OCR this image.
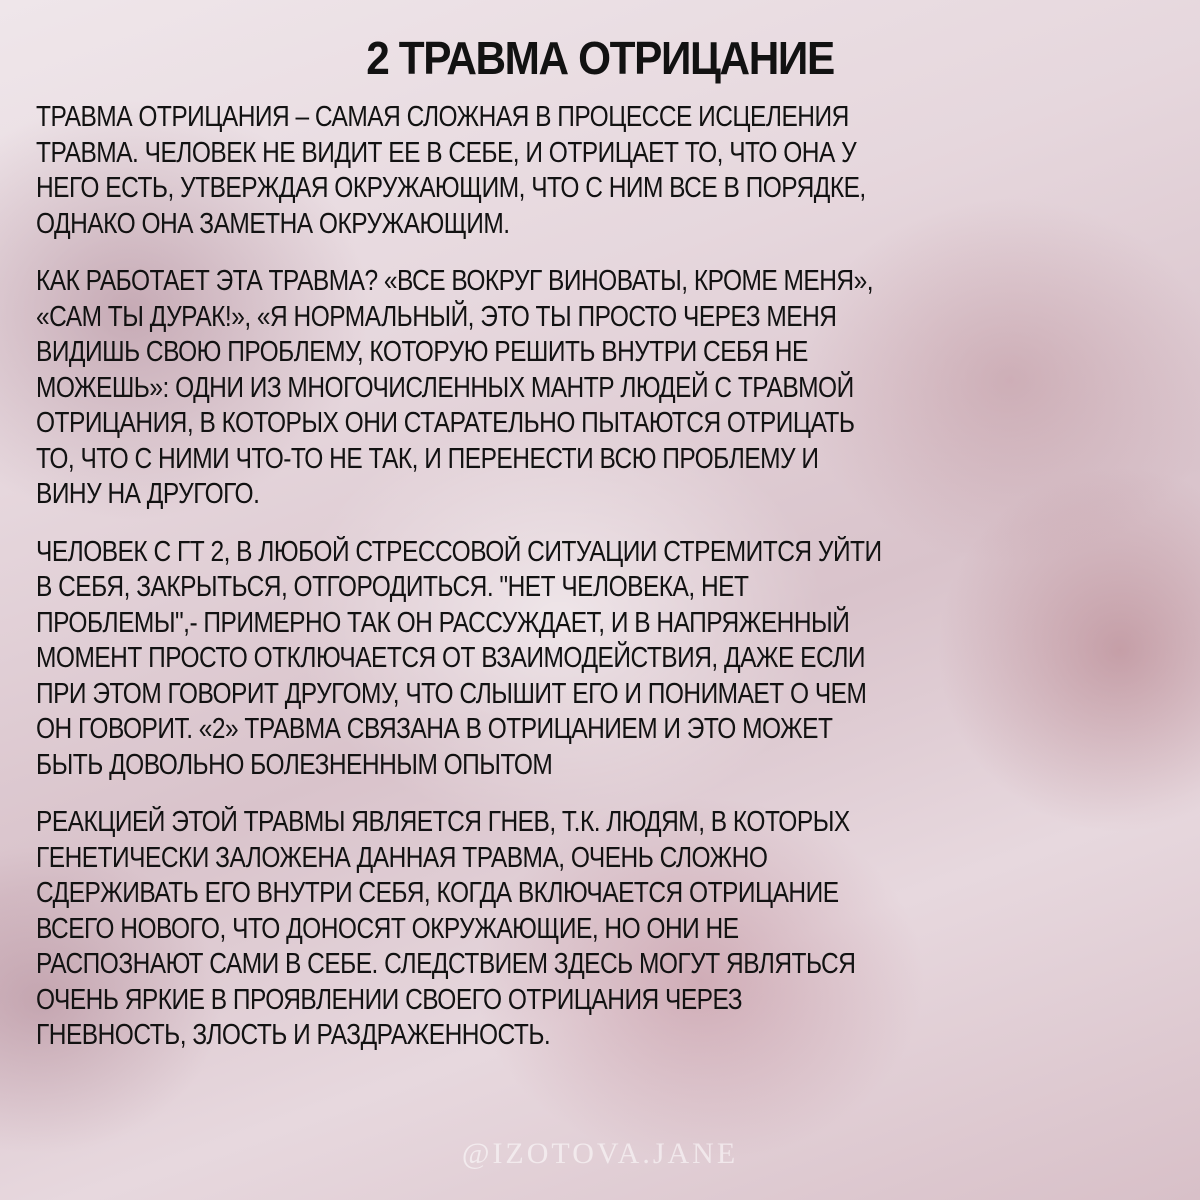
2 ТРАВМА ОТРИЦАНИЕ

ТРАВМА ОТРИЦАНИЯ – САМАЯ СЛОЖНАЯ В ПРОЦЕССЕ ИСЦЕЛЕНИЯ
ТРАВМА. ЧЕЛОВЕК НЕ ВИДИТ ЕЕ В СЕБЕ, И ОТРИЦАЕТ ТО, ЧТО ОНА У
НЕГО ЕСТЬ, УТВЕРЖДАЯ ОКРУЖАЮЩИМ, ЧТО С НИМ ВСЕ В ПОРЯДКЕ,
ОДНАКО ОНА ЗАМЕТНА ОКРУЖАЮЩИМ.

КАК РАБОТАЕТ ЭТА ТРАВМА? «ВСЕ ВОКРУГ ВИНОВАТЫ, КРОМЕ МЕНЯ»,
«САМ ТЫ ДУРАК!», «Я НОРМАЛЬНЫЙ, ЭТО ТЫ ПРОСТО ЧЕРЕЗ МЕНЯ
ВИДИШЬ СВОЮ ПРОБЛЕМУ, КОТОРУЮ РЕШИТЬ ВНУТРИ СЕБЯ НЕ
МОЖЕШЬ»: ОДНИ ИЗ МНОГОЧИСЛЕННЫХ МАНТР ЛЮДЕЙ С ТРАВМОЙ
ОТРИЦАНИЯ, В КОТОРЫХ ОНИ СТАРАТЕЛЬНО ПЫТАЮТСЯ ОТРИЦАТЬ
ТО, ЧТО С НИМИ ЧТО-ТО НЕ ТАК, И ПЕРЕНЕСТИ ВСЮ ПРОБЛЕМУ И
ВИНУ НА ДРУГОГО.

ЧЕЛОВЕК С ГТ 2, В ЛЮБОЙ СТРЕССОВОЙ СИТУАЦИИ СТРЕМИТСЯ УЙТИ
В СЕБЯ, ЗАКРЫТЬСЯ, ОТГОРОДИТЬСЯ. "НЕТ ЧЕЛОВЕКА, НЕТ
ПРОБЛЕМЫ",- ПРИМЕРНО ТАК ОН РАССУЖДАЕТ, И В НАПРЯЖЕННЫЙ
МОМЕНТ ПРОСТО ОТКЛЮЧАЕТСЯ ОТ ВЗАИМОДЕЙСТВИЯ, ДАЖЕ ЕСЛИ
ПРИ ЭТОМ ГОВОРИТ ДРУГОМУ, ЧТО СЛЫШИТ ЕГО И ПОНИМАЕТ О ЧЕМ
ОН ГОВОРИТ. «2» ТРАВМА СВЯЗАНА В ОТРИЦАНИЕМ И ЭТО МОЖЕТ
БЫТЬ ДОВОЛЬНО БОЛЕЗНЕННЫМ ОПЫТОМ

РЕАКЦИЕЙ ЭТОЙ ТРАВМЫ ЯВЛЯЕТСЯ ГНЕВ, Т.К. ЛЮДЯМ, В КОТОРЫХ
ГЕНЕТИЧЕСКИ ЗАЛОЖЕНА ДАННАЯ ТРАВМА, ОЧЕНЬ СЛОЖНО
СДЕРЖИВАТЬ ЕГО ВНУТРИ СЕБЯ, КОГДА ВКЛЮЧАЕТСЯ ОТРИЦАНИЕ
ВСЕГО НОВОГО, ЧТО ДОНОСЯТ ОКРУЖАЮЩИЕ, НО ОНИ НЕ
РАСПОЗНАЮТ САМИ В СЕБЕ. СЛЕДСТВИЕМ ЗДЕСЬ МОГУТ ЯВЛЯТЬСЯ
ОЧЕНЬ ЯРКИЕ В ПРОЯВЛЕНИИ СВОЕГО ОТРИЦАНИЯ ЧЕРЕЗ
ГНЕВНОСТЬ, ЗЛОСТЬ И РАЗДРАЖЕННОСТЬ.

@IZOTOVA.JANE
